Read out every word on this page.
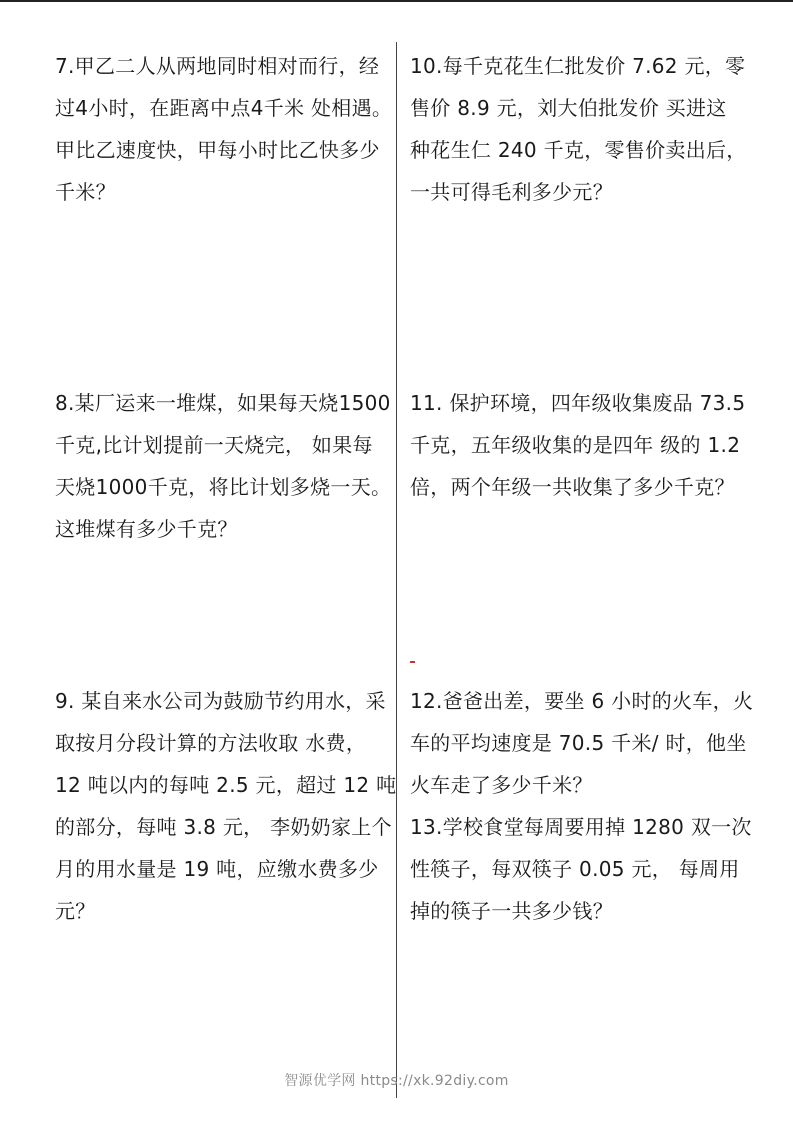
7.甲乙二人从两地同时相对而行，经
过4小时，在距离中点4千米 处相遇。
甲比乙速度快，甲每小时比乙快多少
千米？
10.每千克花生仁批发价 7.62 元，零
售价 8.9 元，刘大伯批发价 买进这
种花生仁 240 千克，零售价卖出后，
一共可得毛利多少元？
8.某厂运来一堆煤，如果每天烧1500
千克,比计划提前一天烧完， 如果每
天烧1000千克，将比计划多烧一天。
这堆煤有多少千克？
11. 保护环境，四年级收集废品 73.5
千克，五年级收集的是四年 级的 1.2
倍，两个年级一共收集了多少千克？
9. 某自来水公司为鼓励节约用水，采
取按月分段计算的方法收取 水费，
12 吨以内的每吨 2.5 元，超过 12 吨
的部分，每吨 3.8 元， 李奶奶家上个
月的用水量是 19 吨，应缴水费多少
元？
12.爸爸出差，要坐 6 小时的火车，火
车的平均速度是 70.5 千米/ 时，他坐
火车走了多少千米？
13.学校食堂每周要用掉 1280 双一次
性筷子，每双筷子 0.05 元， 每周用
掉的筷子一共多少钱？
智源优学网 https://xk.92diy.com
